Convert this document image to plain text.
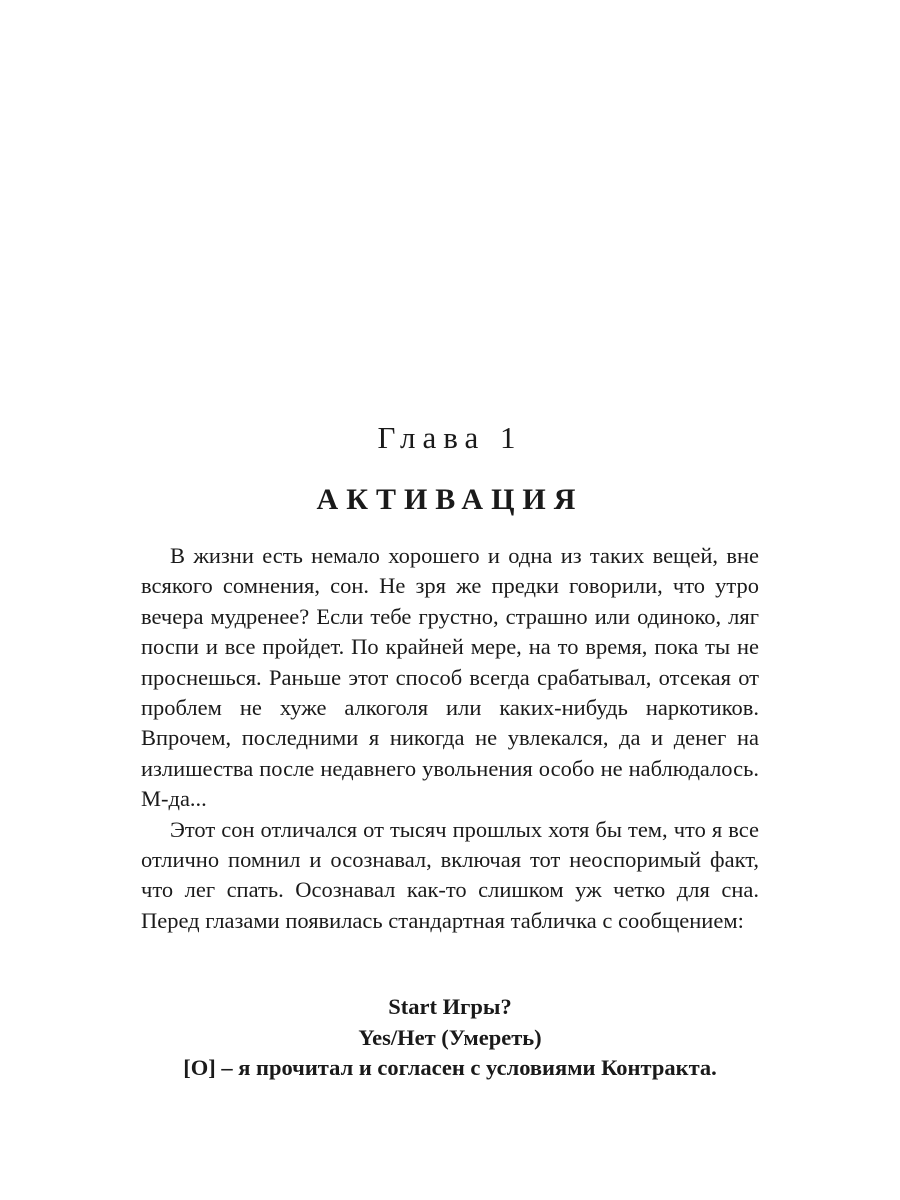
Глава 1
АКТИВАЦИЯ

В жизни есть немало хорошего и одна из таких вещей, вне всякого сомнения, сон. Не зря же предки говорили, что утро вечера мудренее? Если тебе грустно, страшно или одиноко, ляг поспи и все пройдет. По крайней мере, на то время, пока ты не проснешься. Раньше этот способ всегда срабатывал, отсекая от проблем не хуже алкоголя или каких-нибудь наркотиков. Впрочем, последними я никогда не увлекался, да и денег на излишества после недавнего увольнения особо не наблюдалось. М-да...

Этот сон отличался от тысяч прошлых хотя бы тем, что я все отлично помнил и осознавал, включая тот неоспоримый факт, что лег спать. Осознавал как-то слишком уж четко для сна. Перед глазами появилась стандартная табличка с сообщением:

Start Игры?
Yes/Нет (Умереть)
[O] – я прочитал и согласен с условиями Контракта.
